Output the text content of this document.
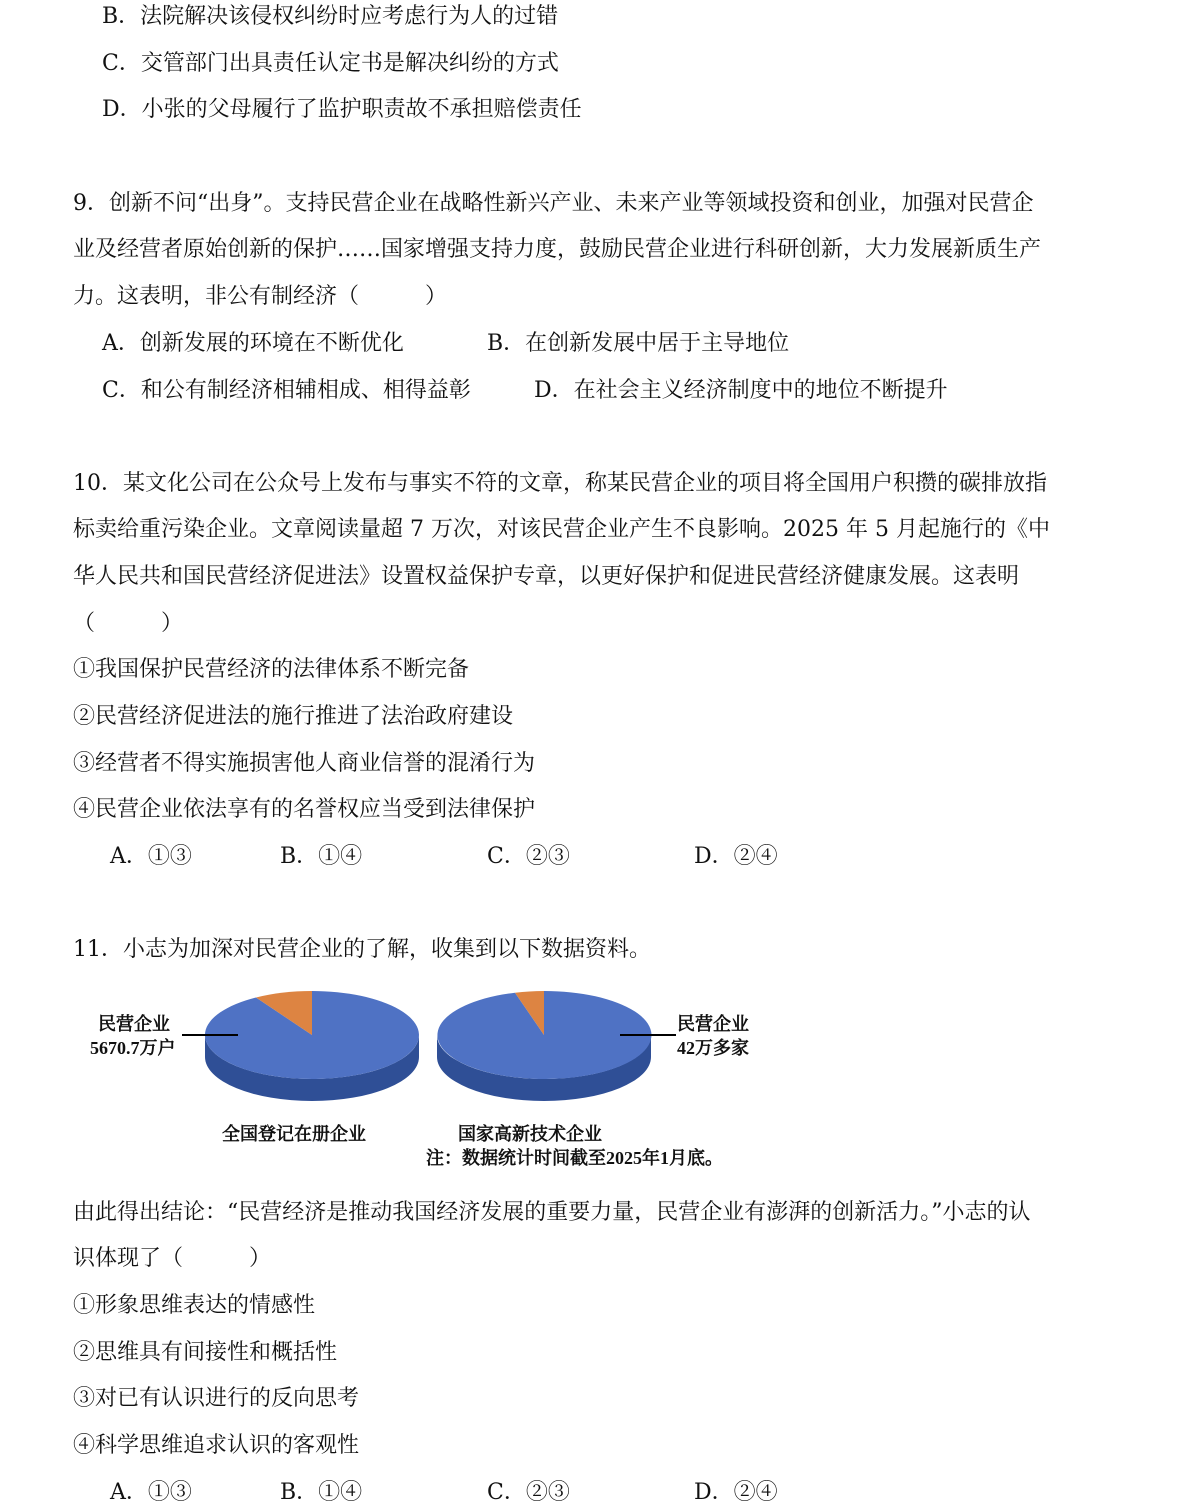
B．法院解决该侵权纠纷时应考虑行为人的过错
C．交管部门出具责任认定书是解决纠纷的方式
D．小张的父母履行了监护职责故不承担赔偿责任
9．创新不问“出身”。支持民营企业在战略性新兴产业、未来产业等领域投资和创业，加强对民营企
业及经营者原始创新的保护……国家增强支持力度，鼓励民营企业进行科研创新，大力发展新质生产
力。这表明，非公有制经济（　　　）
A．创新发展的环境在不断优化	B．在创新发展中居于主导地位
C．和公有制经济相辅相成、相得益彰	D．在社会主义经济制度中的地位不断提升
10．某文化公司在公众号上发布与事实不符的文章，称某民营企业的项目将全国用户积攒的碳排放指
标卖给重污染企业。文章阅读量超 7 万次，对该民营企业产生不良影响。2025 年 5 月起施行的《中
华人民共和国民营经济促进法》设置权益保护专章，以更好保护和促进民营经济健康发展。这表明
（　　　）
①我国保护民营经济的法律体系不断完备
②民营经济促进法的施行推进了法治政府建设
③经营者不得实施损害他人商业信誉的混淆行为
④民营企业依法享有的名誉权应当受到法律保护
A．①③	B．①④	C．②③	D．②④
11．小志为加深对民营企业的了解，收集到以下数据资料。
民营企业
5670.7万户
民营企业
42万多家
全国登记在册企业	国家高新技术企业
注：数据统计时间截至2025年1月底。
由此得出结论：“民营经济是推动我国经济发展的重要力量，民营企业有澎湃的创新活力。”小志的认
识体现了（　　　）
①形象思维表达的情感性
②思维具有间接性和概括性
③对已有认识进行的反向思考
④科学思维追求认识的客观性
A．①③	B．①④	C．②③	D．②④
